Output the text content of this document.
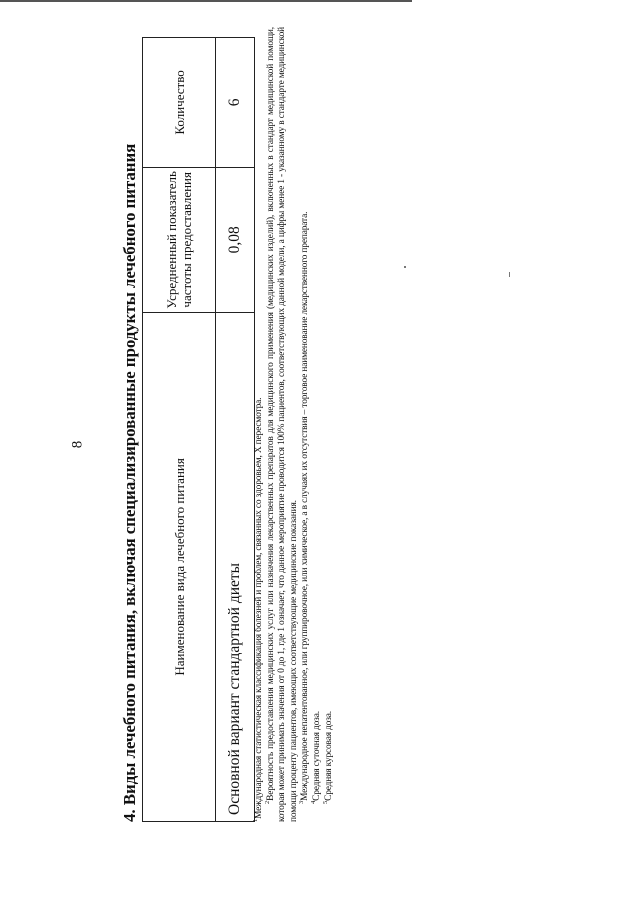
8 4. Виды лечебного питания, включая специализированные продукты лечебного питания	Наименование вида лечебного питания	Усредненный показатель частоты предоставления	Количество
Основной вариант стандартной диеты	0,08	6

$^1$Международная статистическая классификация болезней и проблем, связанных со здоровьем, X пересмотра. $^2$Вероятность предоставления медицинских услуг или назначения лекарственных препаратов для медицинского применения (медицинских изделий), включенных в стандарт медицинской помощи, которая может принимать значения от 0 до 1, где 1 означает, что данное мероприятие проводится 100% пациентов, соответствующих данной модели, а цифры менее 1 - указанному в стандарте медицинской помощи проценту пациентов, имеющих соответствующие медицинские показания. $^3$Международное непатентованное, или группировочное, или химическое, а в случаях их отсутствия – торговое наименование лекарственного препарата.

$^4$Средняя суточная доза.

$^5$Средняя курсовая доза.
